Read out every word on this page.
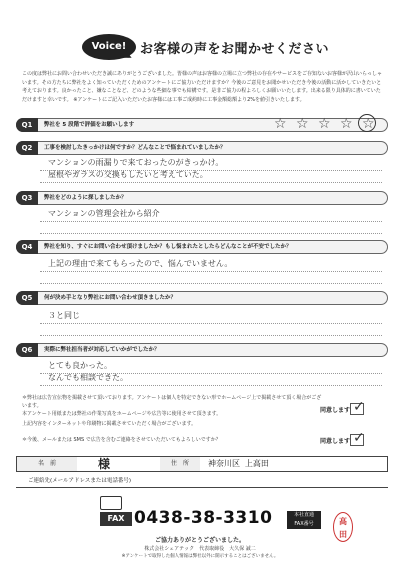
Voice!	お客様の声をお聞かせください
この度は弊社にお問い合わせいただき誠にありがとうございました。皆様の声はお客様の立場に立つ弊社の存在やサービスをご存知ないお客様が沢山いらっしゃいます。その方たちに弊社をよく知っていただくためのアンケートにご協力いただけますか？今後のご意見をお聞かせいただき今後の活動に活かしていきたいと考えております。良かったこと、嫌なことなど、どのような些細な事でも結構です。是非ご協力の程よろしくお願いいたします。出来る限り具体的に書いていただけますと幸いです。 ※アンケートにご記入いただいたお客様には工事ご成約時に工事金額総額より2%を値引きいたします。
Q1	弊社を 5 段階で評価をお願いします	☆ ☆ ☆ ☆ ☆
Q2	工事を検討したきっかけは何ですか？どんなことで悩まれていましたか？
マンションの雨漏りで来ておったのがきっかけ。
屋根やガラスの交換もしたいと考えていた。
Q3	弊社をどのように探しましたか？
マンションの管理会社から紹介
Q4	弊社を知り、すぐにお問い合わせ頂けましたか？もし悩まれたとしたらどんなことが不安でしたか？
上記の理由で来てもらったので、悩んでいません。
Q5	何が決め手となり弊社にお問い合わせ頂きましたか？
３と同じ
Q6	実際に弊社担当者が対応していかがでしたか？
とても良かった。
なんでも相談できた。
＊弊社は広告宣伝物を掲載させて頂いております。アンケートは個人を特定できない形でホームページ上で掲載させて頂く場合がございます。
本アンケート用紙または弊社の作業写真をホームページや広告等に使用させて頂きます。
上記内容をインターネットや印刷物に掲載させていただく場合がございます。
同意します ✓
＊今後、メールまたは SMS で広告を含むご連絡をさせていただいてもよろしいですか？	同意します ✓
名　前	様	住　所	神奈川区 上高田
ご連絡先(メールアドレスまたは電話番号)
FAX 0438-38-3310	本社直通
FAX番号	高田
ご協力ありがとうございました。
株式会社シェアテック　代表取締役　大久保 誠二
※アンケートで取得した個人情報は弊社以外に開示することはございません。
